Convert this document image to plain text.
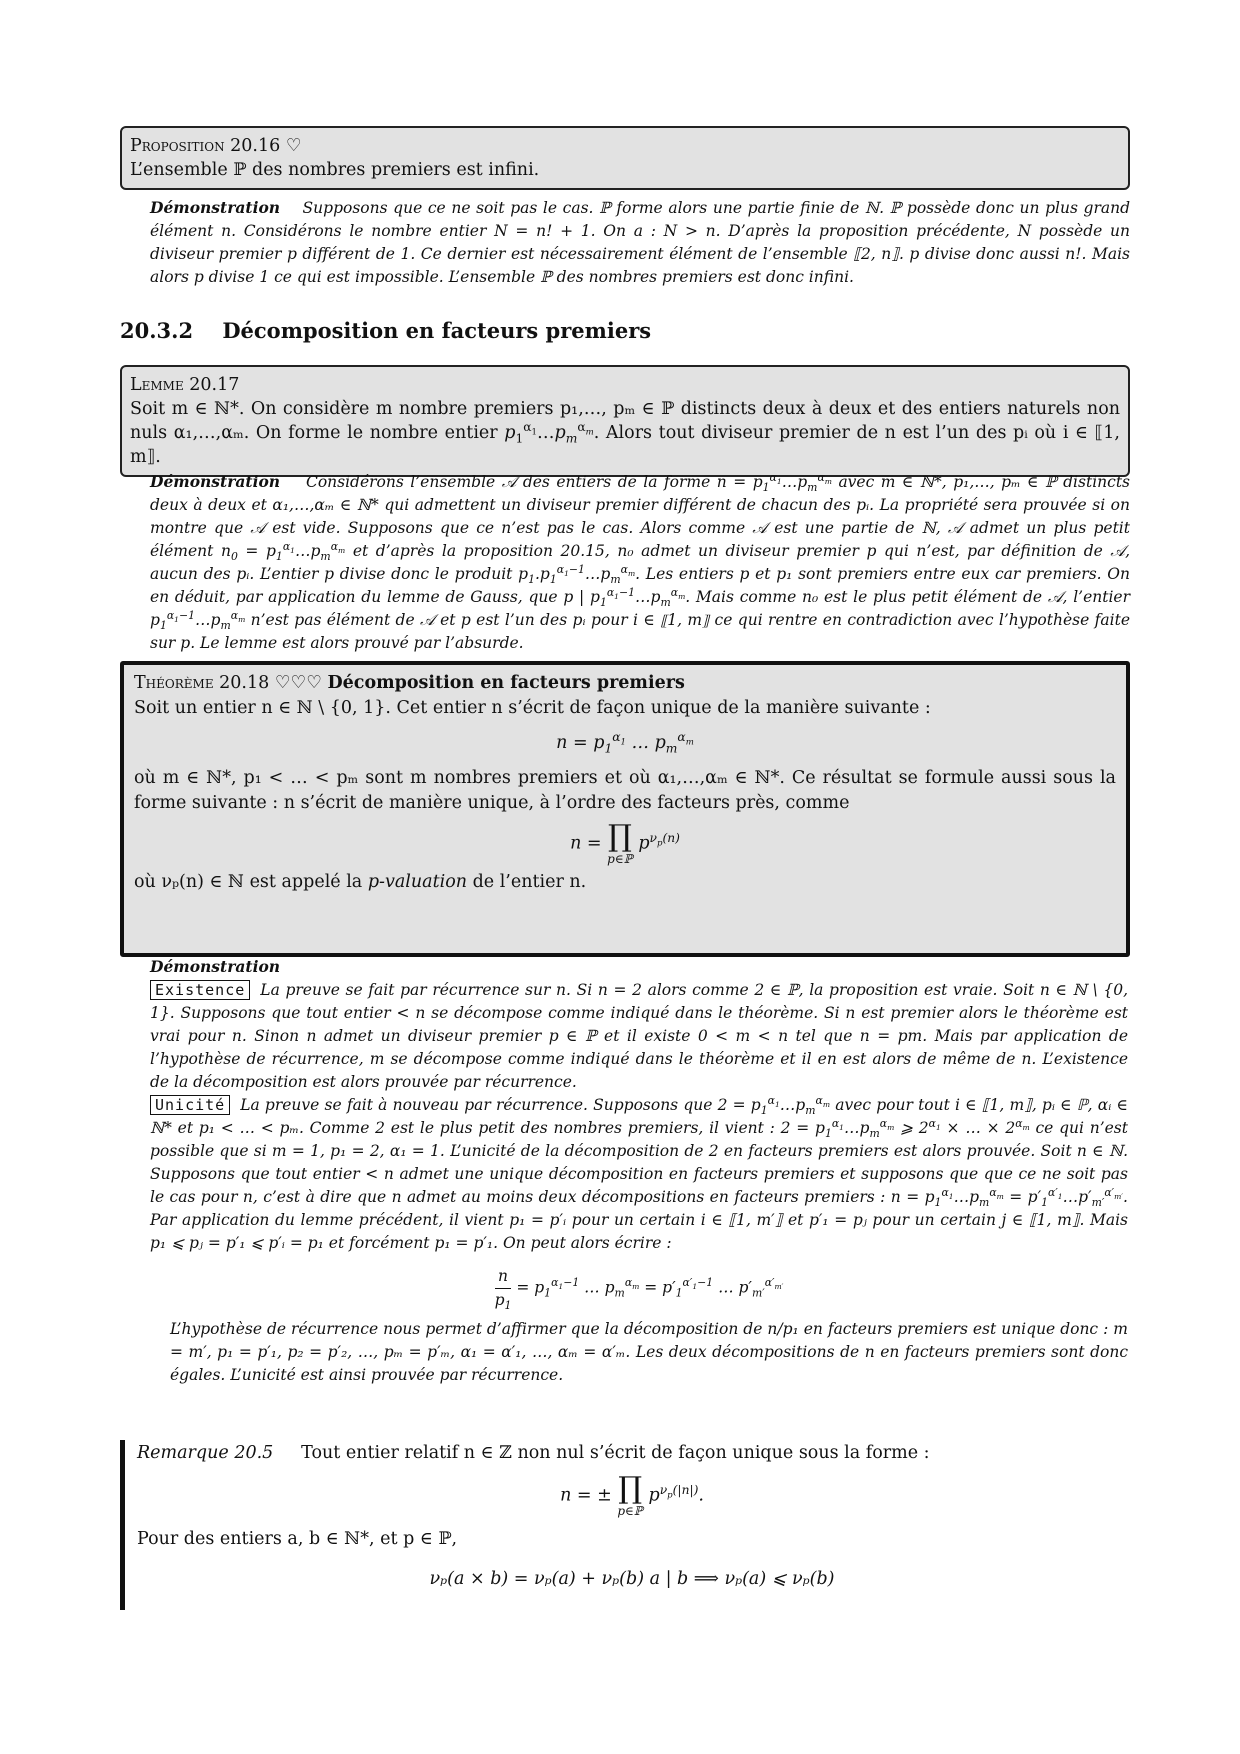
Proposition 20.16 ♡
L’ensemble ℙ des nombres premiers est infini.
Démonstration Supposons que ce ne soit pas le cas. ℙ forme alors une partie finie de ℕ. ℙ possède donc un plus grand élément n. Considérons le nombre entier N = n! + 1. On a : N > n. D’après la proposition précédente, N possède un diviseur premier p différent de 1. Ce dernier est nécessairement élément de l’ensemble ⟦2, n⟧. p divise donc aussi n!. Mais alors p divise 1 ce qui est impossible. L’ensemble ℙ des nombres premiers est donc infini.
20.3.2 Décomposition en facteurs premiers
Lemme 20.17
Soit m ∈ ℕ*. On considère m nombre premiers p₁,…, pₘ ∈ ℙ distincts deux à deux et des entiers naturels non nuls α₁,…,αₘ. On forme le nombre entier $p_1^{\alpha_1}\dots p_m^{\alpha_m}$. Alors tout diviseur premier de n est l’un des pᵢ où i ∈ ⟦1, m⟧.
Démonstration Considérons l’ensemble 𝒜 des entiers de la forme $n = p_1^{\alpha_1}\dots p_m^{\alpha_m}$ avec m ∈ ℕ*, p₁,…, pₘ ∈ ℙ distincts deux à deux et α₁,…,αₘ ∈ ℕ* qui admettent un diviseur premier différent de chacun des pᵢ. La propriété sera prouvée si on montre que 𝒜 est vide. Supposons que ce n’est pas le cas. Alors comme 𝒜 est une partie de ℕ, 𝒜 admet un plus petit élément $n_0$ = $p_1^{\alpha_1}\dots p_m^{\alpha_m}$ et d’après la proposition 20.15, n₀ admet un diviseur premier p qui n’est, par définition de 𝒜, aucun des pᵢ. L’entier p divise donc le produit $p_1.p_1^{\alpha_1-1}\dots p_m^{\alpha_m}$. Les entiers p et p₁ sont premiers entre eux car premiers. On en déduit, par application du lemme de Gauss, que p | $p_1^{\alpha_1-1}\dots p_m^{\alpha_m}$. Mais comme n₀ est le plus petit élément de 𝒜, l’entier $p_1^{\alpha_1-1}\dots p_m^{\alpha_m}$ n’est pas élément de 𝒜 et p est l’un des pᵢ pour i ∈ ⟦1, m⟧ ce qui rentre en contradiction avec l’hypothèse faite sur p. Le lemme est alors prouvé par l’absurde.
Théorème 20.18 ♡♡♡ Décomposition en facteurs premiers
Soit un entier n ∈ ℕ \ {0, 1}. Cet entier n s’écrit de façon unique de la manière suivante :
$n = p_1^{\alpha_1}$ … $p_m^{\alpha_m}$
où m ∈ ℕ*, p₁ < … < pₘ sont m nombres premiers et où α₁,…,αₘ ∈ ℕ*. Ce résultat se formule aussi sous la forme suivante : n s’écrit de manière unique, à l’ordre des facteurs près, comme
n = ∏
p∈ℙ
$p^{\nu_p(n)}$
où νₚ(n) ∈ ℕ est appelé la p-valuation de l’entier n.
Démonstration
Existence La preuve se fait par récurrence sur n. Si n = 2 alors comme 2 ∈ ℙ, la proposition est vraie. Soit n ∈ ℕ \ {0, 1}. Supposons que tout entier < n se décompose comme indiqué dans le théorème. Si n est premier alors le théorème est vrai pour n. Sinon n admet un diviseur premier p ∈ ℙ et il existe 0 < m < n tel que n = pm. Mais par application de l’hypothèse de récurrence, m se décompose comme indiqué dans le théorème et il en est alors de même de n. L’existence de la décomposition est alors prouvée par récurrence.
Unicité La preuve se fait à nouveau par récurrence. Supposons que $2 = p_1^{\alpha_1}\dots p_m^{\alpha_m}$ avec pour tout i ∈ ⟦1, m⟧, pᵢ ∈ ℙ, αᵢ ∈ ℕ* et p₁ < … < pₘ. Comme 2 est le plus petit des nombres premiers, il vient : $2 = p_1^{\alpha_1}\dots p_m^{\alpha_m}$ ⩾ $2^{\alpha_1}$ × … × $2^{\alpha_m}$ ce qui n’est possible que si m = 1, p₁ = 2, α₁ = 1. L’unicité de la décomposition de 2 en facteurs premiers est alors prouvée. Soit n ∈ ℕ. Supposons que tout entier < n admet une unique décomposition en facteurs premiers et supposons que que ce ne soit pas le cas pour n, c’est à dire que n admet au moins deux décompositions en facteurs premiers : $n = p_1^{\alpha_1}\dots p_m^{\alpha_m}$ = $p'_1^{\alpha'_1}\dots p'_{m'}^{\alpha'_{m'}}$. Par application du lemme précédent, il vient p₁ = p′ᵢ pour un certain i ∈ ⟦1, m′⟧ et p′₁ = pⱼ pour un certain j ∈ ⟦1, m⟧. Mais p₁ ⩽ pⱼ = p′₁ ⩽ p′ᵢ = p₁ et forcément p₁ = p′₁. On peut alors écrire :
$\frac{n}{p_1} = p_1^{\alpha_1-1}$ … $p_m^{\alpha_m} = p'_1^{\alpha'_1-1}$ … $p'_{m'}^{\alpha'_{m'}}$
L’hypothèse de récurrence nous permet d’affirmer que la décomposition de n/p₁ en facteurs premiers est unique donc : m = m′, p₁ = p′₁, p₂ = p′₂, …, pₘ = p′ₘ, α₁ = α′₁, …, αₘ = α′ₘ. Les deux décompositions de n en facteurs premiers sont donc égales. L’unicité est ainsi prouvée par récurrence.
Remarque 20.5 Tout entier relatif n ∈ ℤ non nul s’écrit de façon unique sous la forme :
n = ± ∏
p∈ℙ
$p^{\nu_p(|n|)}$.
Pour des entiers a, b ∈ ℕ*, et p ∈ ℙ,
νₚ(a × b) = νₚ(a) + νₚ(b) a | b ⟹ νₚ(a) ⩽ νₚ(b)
